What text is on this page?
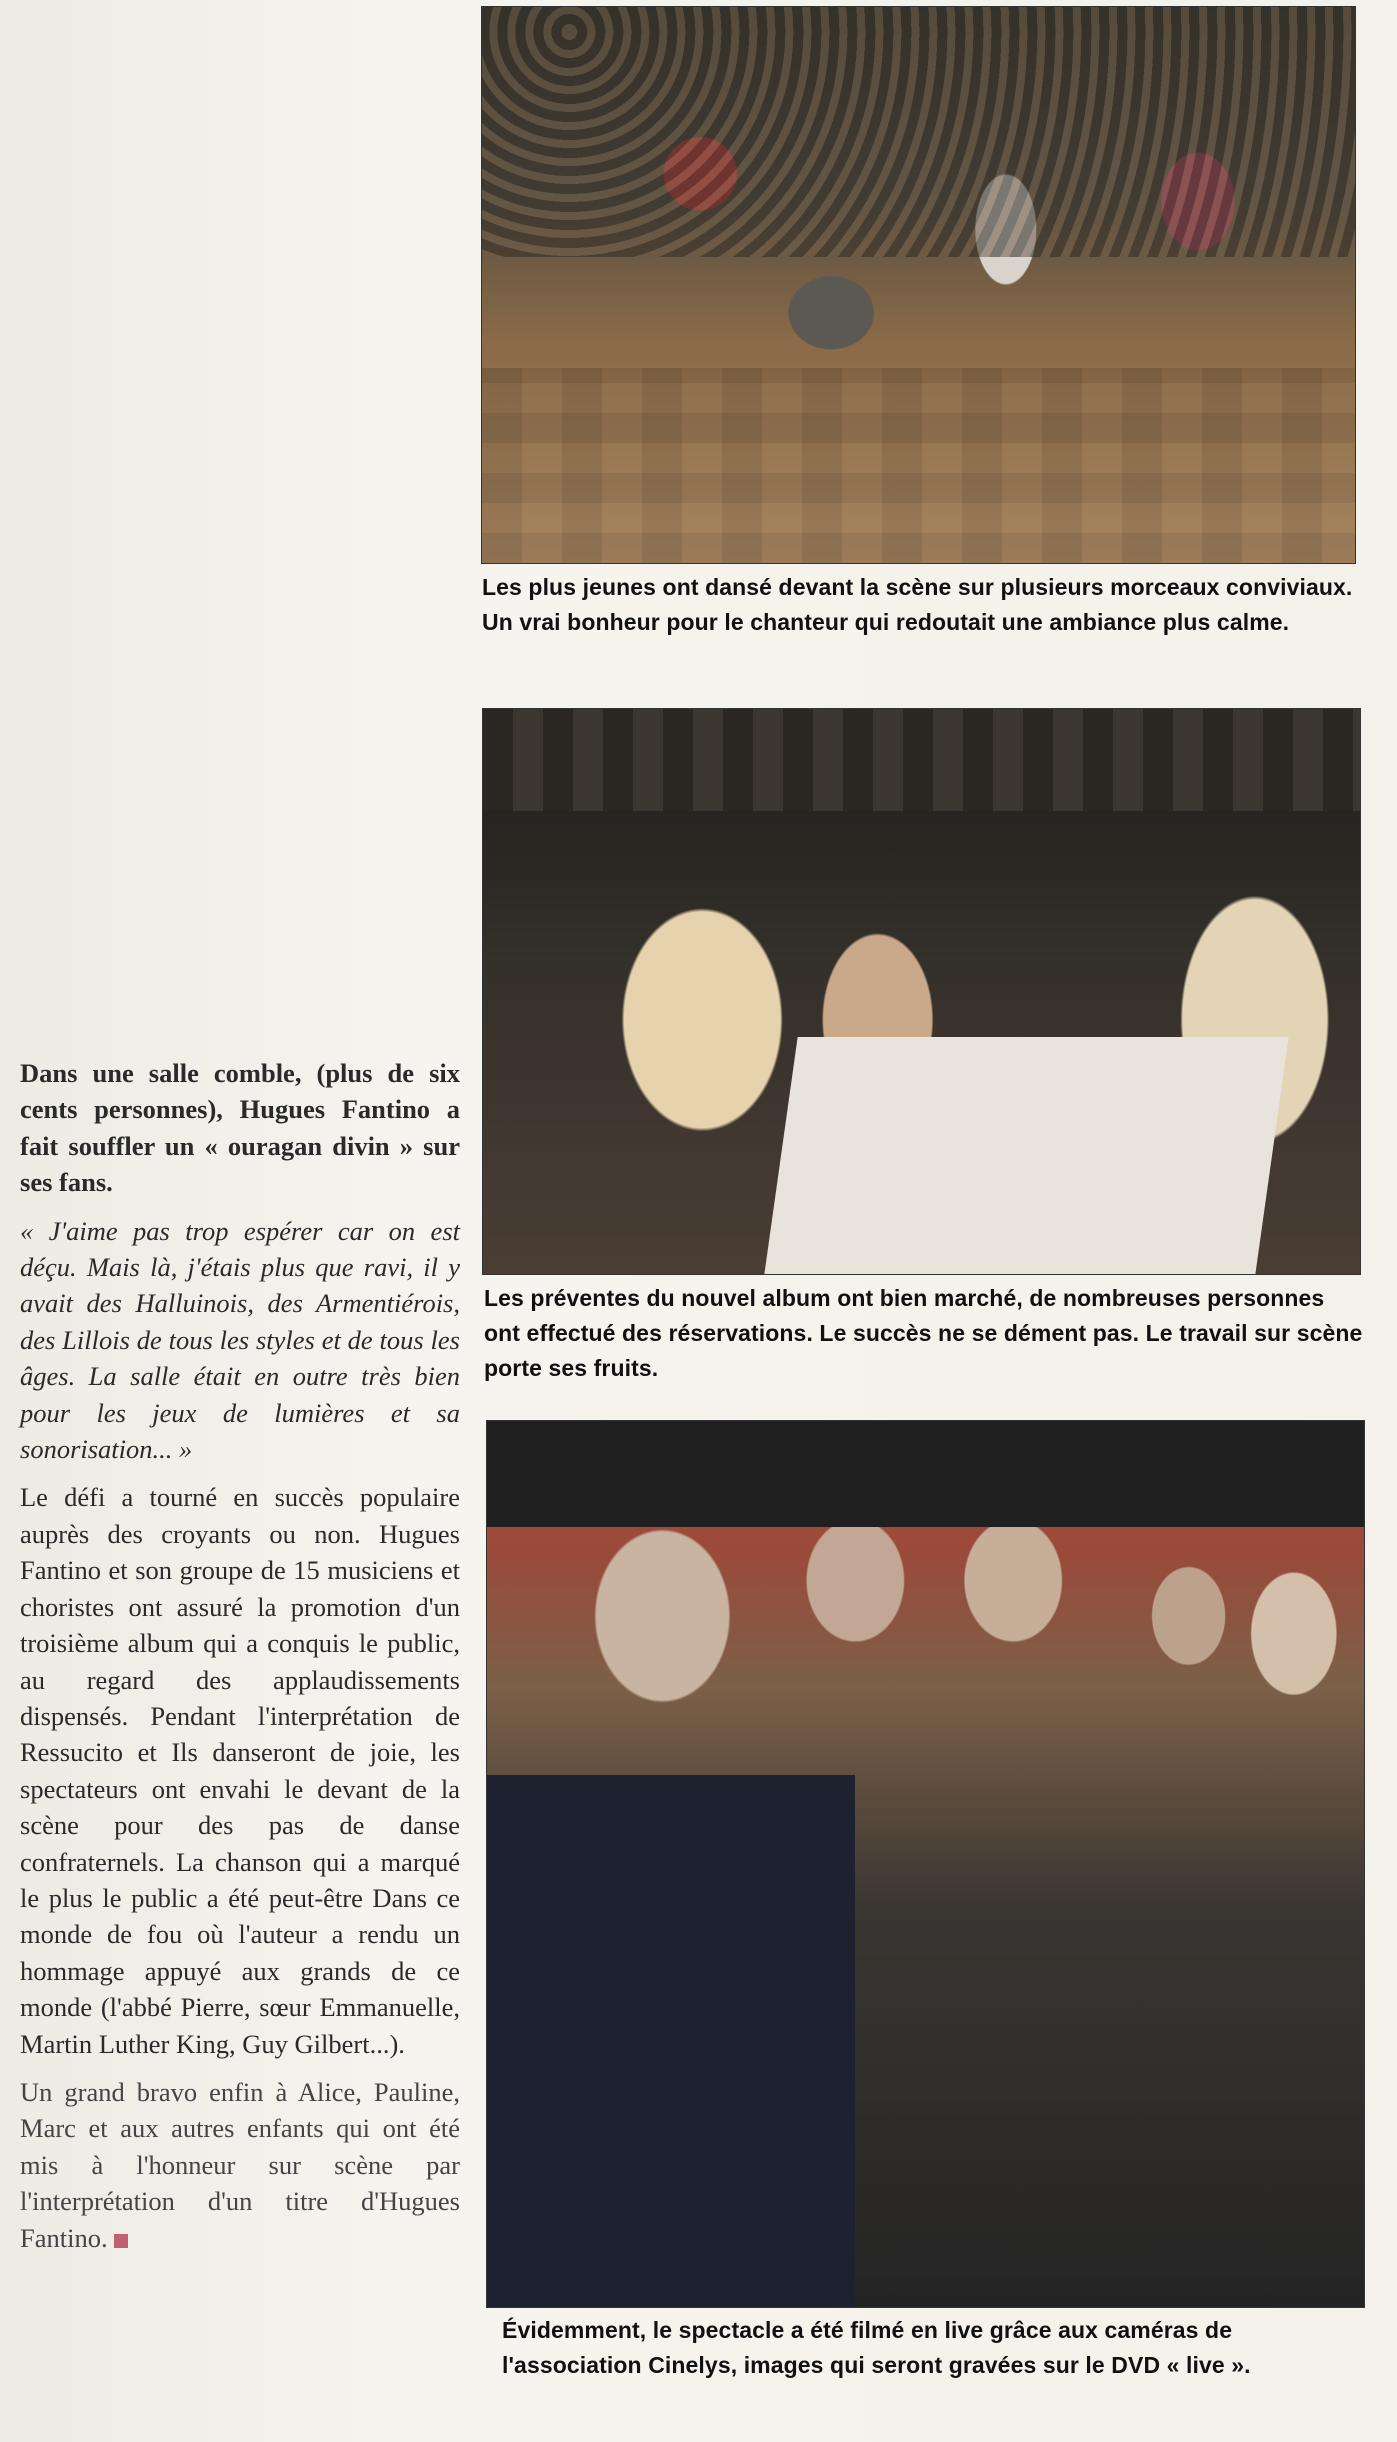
Dans une salle comble, (plus de six cents personnes), Hugues Fantino a fait souffler un « ouragan divin » sur ses fans.

« J'aime pas trop espérer car on est déçu. Mais là, j'étais plus que ravi, il y avait des Halluinois, des Armentiérois, des Lillois de tous les styles et de tous les âges. La salle était en outre très bien pour les jeux de lumières et sa sonorisation... »

Le défi a tourné en succès populaire auprès des croyants ou non. Hugues Fantino et son groupe de 15 musiciens et choristes ont assuré la promotion d'un troisième album qui a conquis le public, au regard des applaudissements dispensés. Pendant l'interprétation de Ressucito et Ils danseront de joie, les spectateurs ont envahi le devant de la scène pour des pas de danse confraternels. La chanson qui a marqué le plus le public a été peut-être Dans ce monde de fou où l'auteur a rendu un hommage appuyé aux grands de ce monde (l'abbé Pierre, sœur Emmanuelle, Martin Luther King, Guy Gilbert...).

Un grand bravo enfin à Alice, Pauline, Marc et aux autres enfants qui ont été mis à l'honneur sur scène par l'interprétation d'un titre d'Hugues Fantino.

Les plus jeunes ont dansé devant la scène sur plusieurs morceaux conviviaux. Un vrai bonheur pour le chanteur qui redoutait une ambiance plus calme.
Les préventes du nouvel album ont bien marché, de nombreuses personnes ont effectué des réservations. Le succès ne se dément pas. Le travail sur scène porte ses fruits.
Évidemment, le spectacle a été filmé en live grâce aux caméras de l'association Cinelys, images qui seront gravées sur le DVD « live ».
